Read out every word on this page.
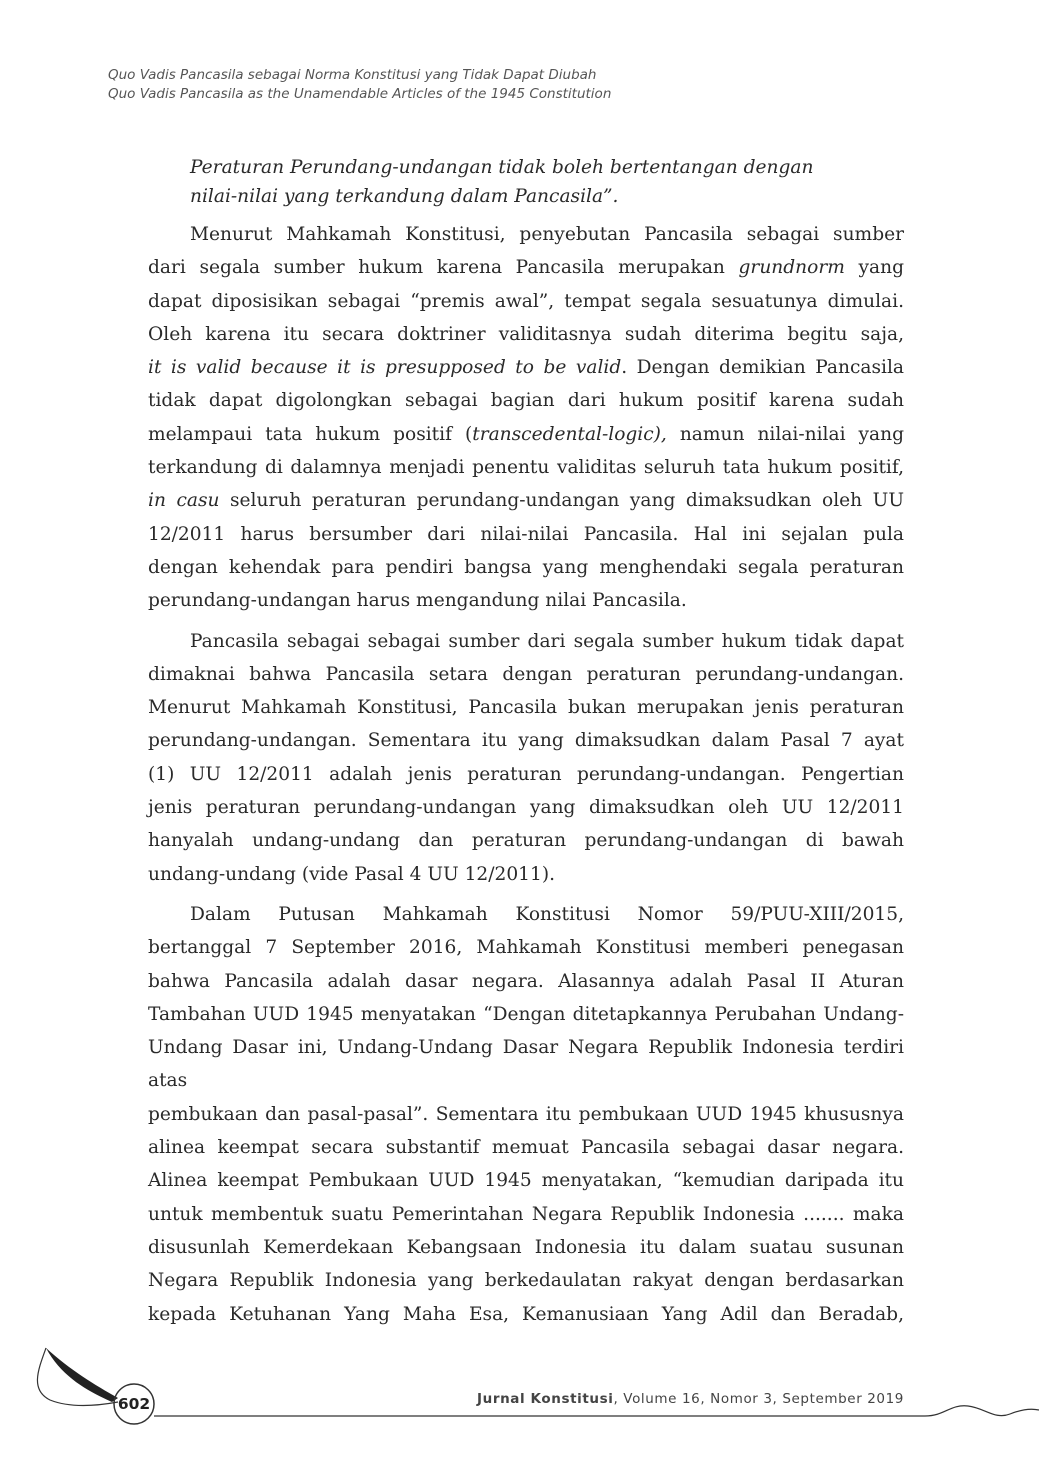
Quo Vadis Pancasila sebagai Norma Konstitusi yang Tidak Dapat Diubah
Quo Vadis Pancasila as the Unamendable Articles of the 1945 Constitution
Peraturan Perundang-undangan tidak boleh bertentangan dengan
nilai-nilai yang terkandung dalam Pancasila”.
Menurut Mahkamah Konstitusi, penyebutan Pancasila sebagai sumber
dari segala sumber hukum karena Pancasila merupakan grundnorm yang
dapat diposisikan sebagai “premis awal”, tempat segala sesuatunya dimulai.
Oleh karena itu secara doktriner validitasnya sudah diterima begitu saja,
it is valid because it is presupposed to be valid. Dengan demikian Pancasila
tidak dapat digolongkan sebagai bagian dari hukum positif karena sudah
melampaui tata hukum positif (transcedental-logic), namun nilai-nilai yang
terkandung di dalamnya menjadi penentu validitas seluruh tata hukum positif,
in casu seluruh peraturan perundang-undangan yang dimaksudkan oleh UU
12/2011 harus bersumber dari nilai-nilai Pancasila. Hal ini sejalan pula
dengan kehendak para pendiri bangsa yang menghendaki segala peraturan
perundang-undangan harus mengandung nilai Pancasila.
Pancasila sebagai sebagai sumber dari segala sumber hukum tidak dapat
dimaknai bahwa Pancasila setara dengan peraturan perundang-undangan.
Menurut Mahkamah Konstitusi, Pancasila bukan merupakan jenis peraturan
perundang-undangan. Sementara itu yang dimaksudkan dalam Pasal 7 ayat
(1) UU 12/2011 adalah jenis peraturan perundang-undangan. Pengertian
jenis peraturan perundang-undangan yang dimaksudkan oleh UU 12/2011
hanyalah undang-undang dan peraturan perundang-undangan di bawah
undang-undang (vide Pasal 4 UU 12/2011).
Dalam Putusan Mahkamah Konstitusi Nomor 59/PUU-XIII/2015,
bertanggal 7 September 2016, Mahkamah Konstitusi memberi penegasan
bahwa Pancasila adalah dasar negara. Alasannya adalah Pasal II Aturan
Tambahan UUD 1945 menyatakan “Dengan ditetapkannya Perubahan Undang-
Undang Dasar ini, Undang-Undang Dasar Negara Republik Indonesia terdiri atas
pembukaan dan pasal-pasal”. Sementara itu pembukaan UUD 1945 khususnya
alinea keempat secara substantif memuat Pancasila sebagai dasar negara.
Alinea keempat Pembukaan UUD 1945 menyatakan, “kemudian daripada itu
untuk membentuk suatu Pemerintahan Negara Republik Indonesia ....... maka
disusunlah Kemerdekaan Kebangsaan Indonesia itu dalam suatau susunan
Negara Republik Indonesia yang berkedaulatan rakyat dengan berdasarkan
kepada Ketuhanan Yang Maha Esa, Kemanusiaan Yang Adil dan Beradab,
602	Jurnal Konstitusi, Volume 16, Nomor 3, September 2019
